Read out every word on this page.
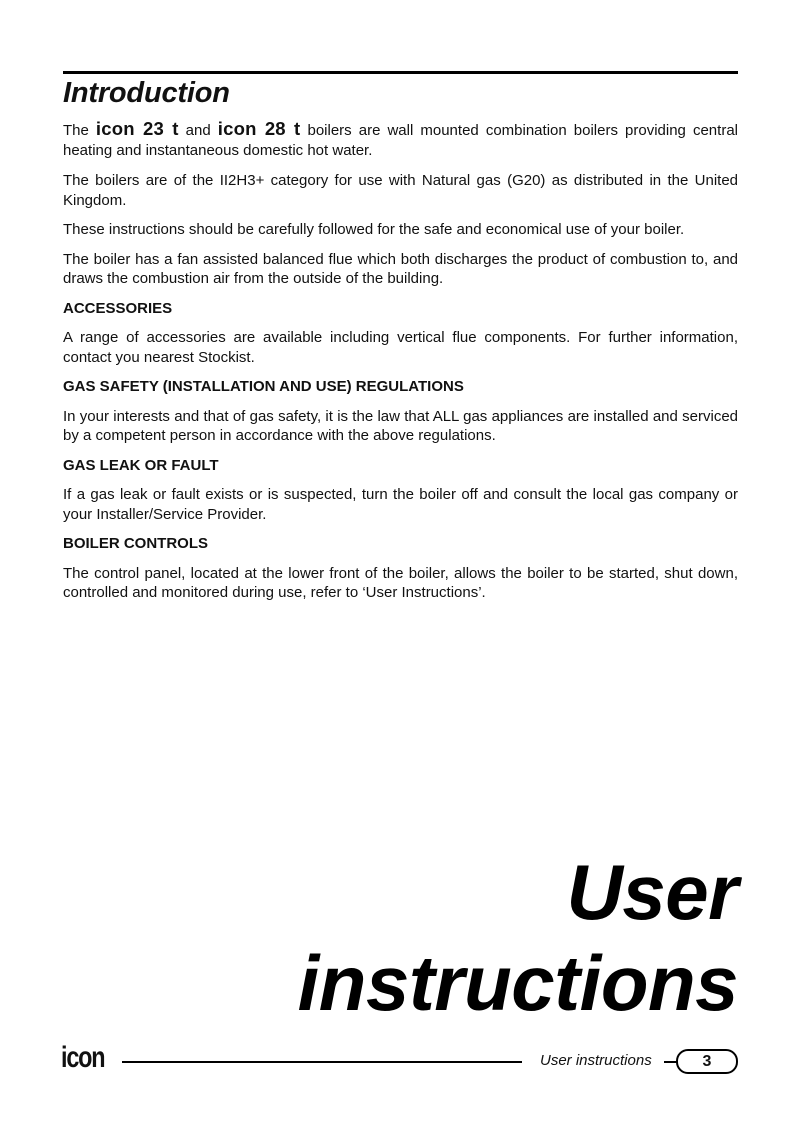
Introduction

The icon 23 t and icon 28 t boilers are wall mounted combination boilers providing central heating and instantaneous domestic hot water.

The boilers are of the II2H3+ category for use with Natural gas (G20) as distributed in the United Kingdom.

These instructions should be carefully followed for the safe and economical use of your boiler.

The boiler has a fan assisted balanced flue which both discharges the product of combustion to, and draws the combustion air from the outside of the building.

ACCESSORIES

A range of accessories are available including vertical flue components. For further information, contact you nearest Stockist.

GAS SAFETY (INSTALLATION AND USE) REGULATIONS

In your interests and that of gas safety, it is the law that ALL gas appliances are installed and serviced by a competent person in accordance with the above regulations.

GAS LEAK OR FAULT

If a gas leak or fault exists or is suspected, turn the boiler off and consult the local gas company or your Installer/Service Provider.

BOILER CONTROLS

The control panel, located at the lower front of the boiler, allows the boiler to be started, shut down, controlled and monitored during use, refer to ‘User Instructions’.

User
instructions
icon	User instructions	3
